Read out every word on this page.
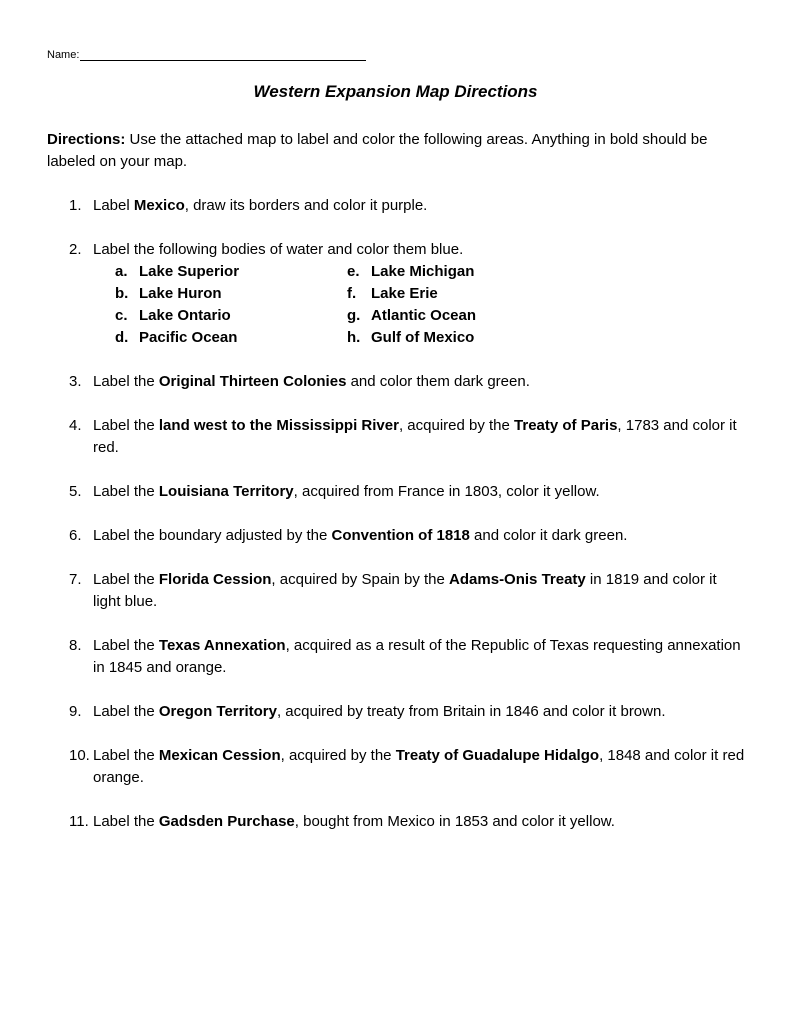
Name:
Western Expansion Map Directions
Directions: Use the attached map to label and color the following areas. Anything in bold should be labeled on your map.
1. Label Mexico, draw its borders and color it purple.
2. Label the following bodies of water and color them blue.
a. Lake Superior	e. Lake Michigan
b. Lake Huron	f. Lake Erie
c. Lake Ontario	g. Atlantic Ocean
d. Pacific Ocean	h. Gulf of Mexico
3. Label the Original Thirteen Colonies and color them dark green.
4. Label the land west to the Mississippi River, acquired by the Treaty of Paris, 1783 and color it red.
5. Label the Louisiana Territory, acquired from France in 1803, color it yellow.
6. Label the boundary adjusted by the Convention of 1818 and color it dark green.
7. Label the Florida Cession, acquired by Spain by the Adams-Onis Treaty in 1819 and color it light blue.
8. Label the Texas Annexation, acquired as a result of the Republic of Texas requesting annexation in 1845 and orange.
9. Label the Oregon Territory, acquired by treaty from Britain in 1846 and color it brown.
10. Label the Mexican Cession, acquired by the Treaty of Guadalupe Hidalgo, 1848 and color it red orange.
11. Label the Gadsden Purchase, bought from Mexico in 1853 and color it yellow.
